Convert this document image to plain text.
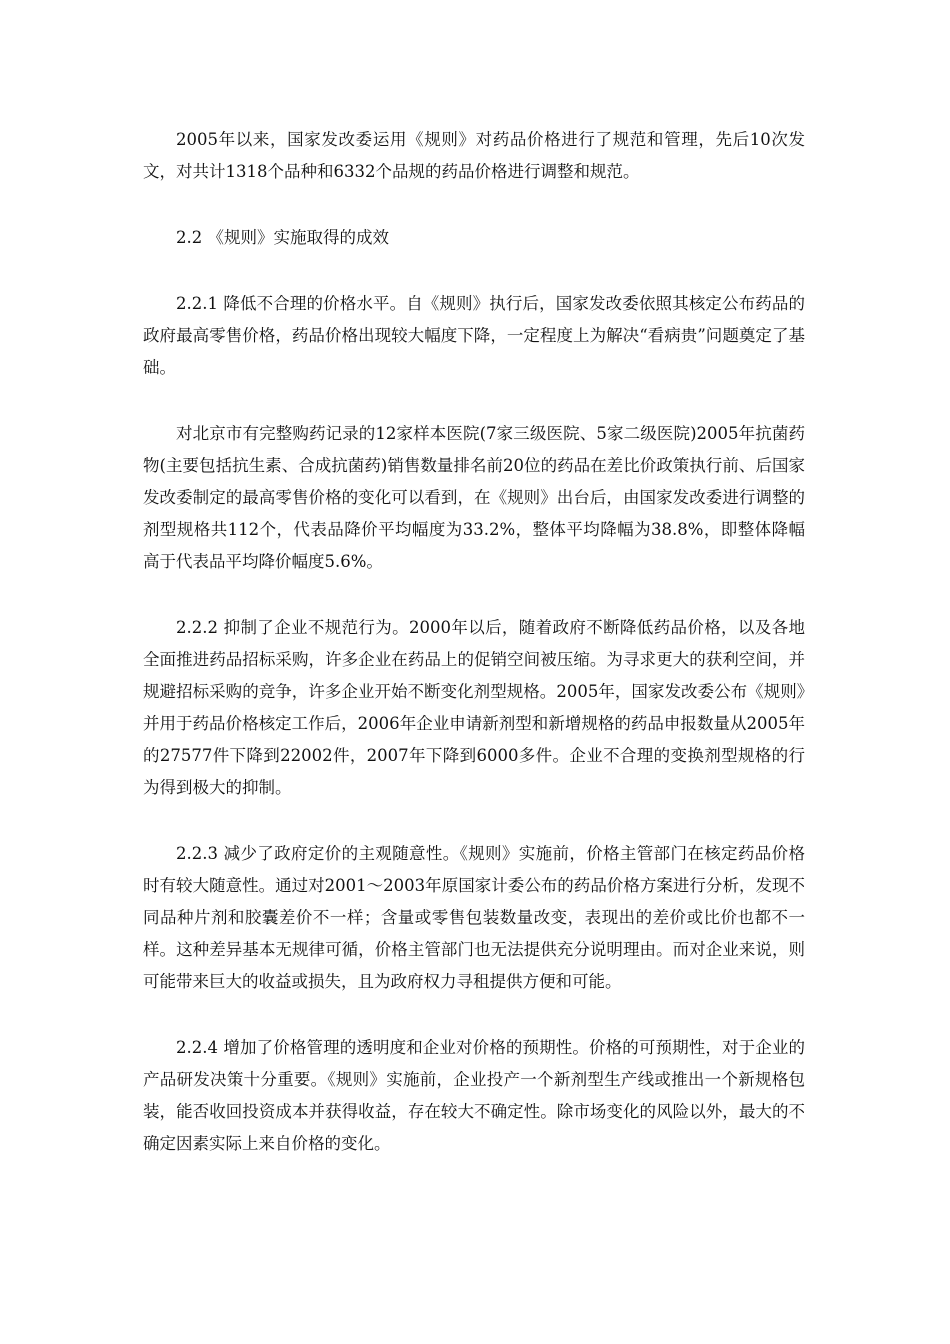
2005年以来，国家发改委运用《规则》对药品价格进行了规范和管理，先后10次发文，对共计1318个品种和6332个品规的药品价格进行调整和规范。

2.2 《规则》实施取得的成效

2.2.1 降低不合理的价格水平。自《规则》执行后，国家发改委依照其核定公布药品的政府最高零售价格，药品价格出现较大幅度下降，一定程度上为解决“看病贵”问题奠定了基础。

对北京市有完整购药记录的12家样本医院(7家三级医院、5家二级医院)2005年抗菌药物(主要包括抗生素、合成抗菌药)销售数量排名前20位的药品在差比价政策执行前、后国家发改委制定的最高零售价格的变化可以看到，在《规则》出台后，由国家发改委进行调整的剂型规格共112个，代表品降价平均幅度为33.2%，整体平均降幅为38.8%，即整体降幅高于代表品平均降价幅度5.6%。

2.2.2 抑制了企业不规范行为。2000年以后，随着政府不断降低药品价格，以及各地全面推进药品招标采购，许多企业在药品上的促销空间被压缩。为寻求更大的获利空间，并规避招标采购的竞争，许多企业开始不断变化剂型规格。2005年，国家发改委公布《规则》并用于药品价格核定工作后，2006年企业申请新剂型和新增规格的药品申报数量从2005年的27577件下降到22002件，2007年下降到6000多件。企业不合理的变换剂型规格的行为得到极大的抑制。

2.2.3 减少了政府定价的主观随意性。《规则》实施前，价格主管部门在核定药品价格时有较大随意性。通过对2001～2003年原国家计委公布的药品价格方案进行分析，发现不同品种片剂和胶囊差价不一样；含量或零售包装数量改变，表现出的差价或比价也都不一样。这种差异基本无规律可循，价格主管部门也无法提供充分说明理由。而对企业来说，则可能带来巨大的收益或损失，且为政府权力寻租提供方便和可能。

2.2.4 增加了价格管理的透明度和企业对价格的预期性。价格的可预期性，对于企业的产品研发决策十分重要。《规则》实施前，企业投产一个新剂型生产线或推出一个新规格包装，能否收回投资成本并获得收益，存在较大不确定性。除市场变化的风险以外，最大的不确定因素实际上来自价格的变化。
